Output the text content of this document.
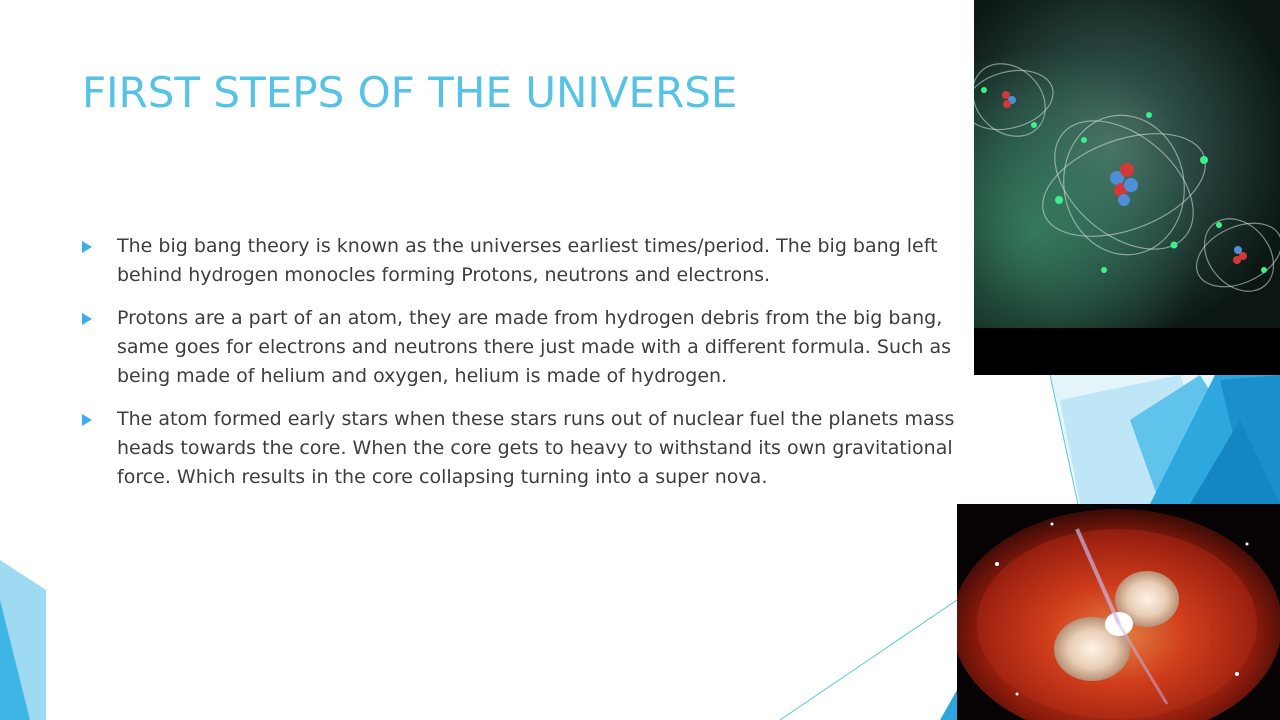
FIRST STEPS OF THE UNIVERSE
The big bang theory is known as the universes earliest times/period. The big bang left behind hydrogen monocles forming Protons, neutrons and electrons.
Protons are a part of an atom, they are made from hydrogen debris from the big bang, same goes for electrons and neutrons there just made with a different formula. Such as being made of helium and oxygen, helium is made of hydrogen.
The atom formed early stars when these stars runs out of nuclear fuel the planets mass heads towards the core. When the core gets to heavy to withstand its own gravitational force. Which results in the core collapsing turning into a super nova.
